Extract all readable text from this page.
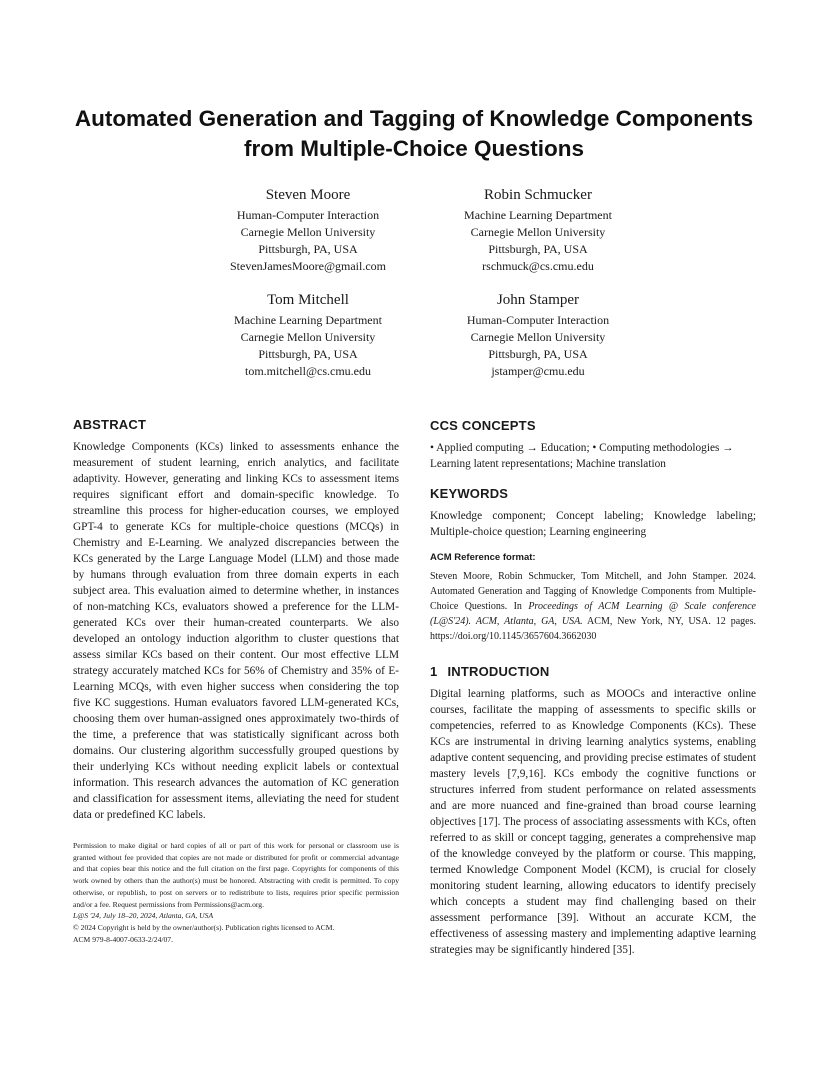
Automated Generation and Tagging of Knowledge Components
from Multiple-Choice Questions
Steven Moore
Human-Computer Interaction
Carnegie Mellon University
Pittsburgh, PA, USA
StevenJamesMoore@gmail.com
Robin Schmucker
Machine Learning Department
Carnegie Mellon University
Pittsburgh, PA, USA
rschmuck@cs.cmu.edu
Tom Mitchell
Machine Learning Department
Carnegie Mellon University
Pittsburgh, PA, USA
tom.mitchell@cs.cmu.edu
John Stamper
Human-Computer Interaction
Carnegie Mellon University
Pittsburgh, PA, USA
jstamper@cmu.edu
ABSTRACT

Knowledge Components (KCs) linked to assessments enhance the measurement of student learning, enrich analytics, and facilitate adaptivity. However, generating and linking KCs to assessment items requires significant effort and domain-specific knowledge. To streamline this process for higher-education courses, we employed GPT-4 to generate KCs for multiple-choice questions (MCQs) in Chemistry and E-Learning. We analyzed discrepancies between the KCs generated by the Large Language Model (LLM) and those made by humans through evaluation from three domain experts in each subject area. This evaluation aimed to determine whether, in instances of non-matching KCs, evaluators showed a preference for the LLM-generated KCs over their human-created counterparts. We also developed an ontology induction algorithm to cluster questions that assess similar KCs based on their content. Our most effective LLM strategy accurately matched KCs for 56% of Chemistry and 35% of E-Learning MCQs, with even higher success when considering the top five KC suggestions. Human evaluators favored LLM-generated KCs, choosing them over human-assigned ones approximately two-thirds of the time, a preference that was statistically significant across both domains. Our clustering algorithm successfully grouped questions by their underlying KCs without needing explicit labels or contextual information. This research advances the automation of KC generation and classification for assessment items, alleviating the need for student data or predefined KC labels.

Permission to make digital or hard copies of all or part of this work for personal or classroom use is granted without fee provided that copies are not made or distributed for profit or commercial advantage and that copies bear this notice and the full citation on the first page. Copyrights for components of this work owned by others than the author(s) must be honored. Abstracting with credit is permitted. To copy otherwise, or republish, to post on servers or to redistribute to lists, requires prior specific permission and/or a fee. Request permissions from Permissions@acm.org.

L@S '24, July 18–20, 2024, Atlanta, GA, USA

© 2024 Copyright is held by the owner/author(s). Publication rights licensed to ACM.

ACM 979-8-4007-0633-2/24/07.

CCS CONCEPTS

• Applied computing → Education; • Computing methodologies → Learning latent representations; Machine translation

KEYWORDS

Knowledge component; Concept labeling; Knowledge labeling; Multiple-choice question; Learning engineering

ACM Reference format:

Steven Moore, Robin Schmucker, Tom Mitchell, and John Stamper. 2024. Automated Generation and Tagging of Knowledge Components from Multiple-Choice Questions. In Proceedings of ACM Learning @ Scale conference (L@S'24). ACM, Atlanta, GA, USA. ACM, New York, NY, USA. 12 pages. https://doi.org/10.1145/3657604.3662030

1 INTRODUCTION

Digital learning platforms, such as MOOCs and interactive online courses, facilitate the mapping of assessments to specific skills or competencies, referred to as Knowledge Components (KCs). These KCs are instrumental in driving learning analytics systems, enabling adaptive content sequencing, and providing precise estimates of student mastery levels [7,9,16]. KCs embody the cognitive functions or structures inferred from student performance on related assessments and are more nuanced and fine-grained than broad course learning objectives [17]. The process of associating assessments with KCs, often referred to as skill or concept tagging, generates a comprehensive map of the knowledge conveyed by the platform or course. This mapping, termed Knowledge Component Model (KCM), is crucial for closely monitoring student learning, allowing educators to identify precisely which concepts a student may find challenging based on their assessment performance [39]. Without an accurate KCM, the effectiveness of assessing mastery and implementing adaptive learning strategies may be significantly hindered [35].
